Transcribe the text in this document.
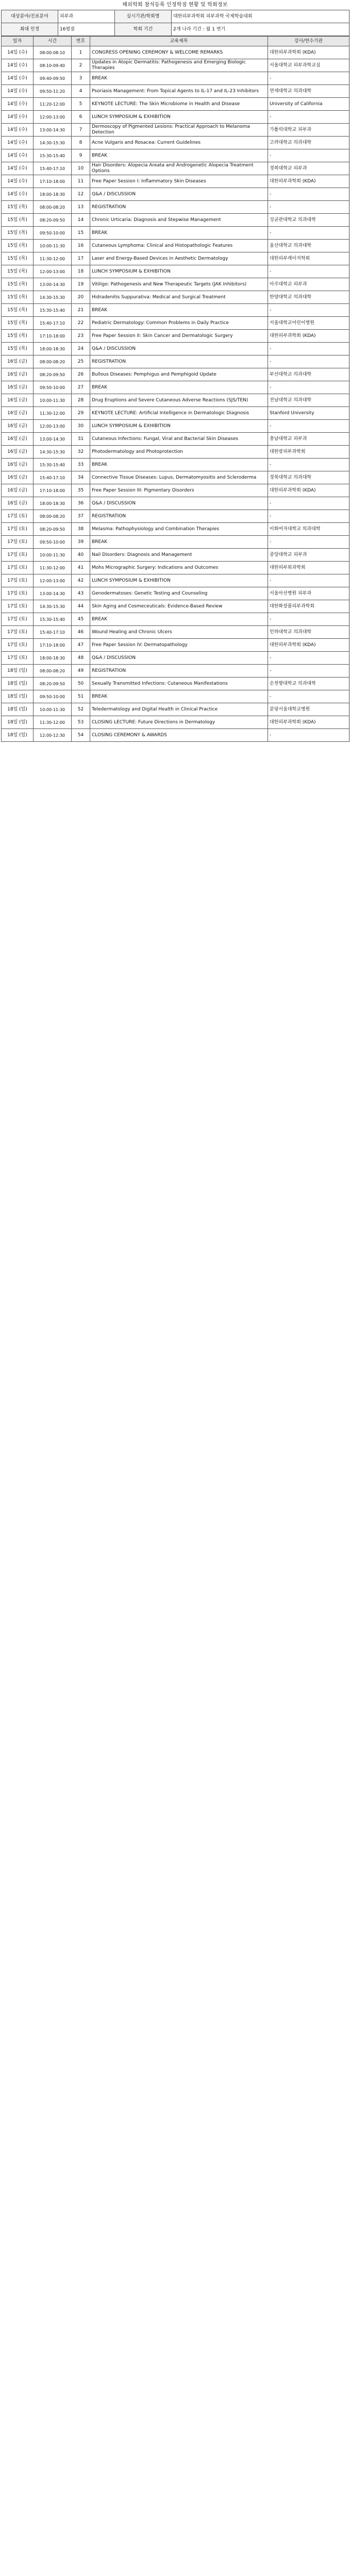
해외학회 참석등록 인정학점 현황 및 학회정보
대상분야/진료분야	피부과	실시기관/학회명	대한피부과학회 피부과학 국제학술대회
최대 인정	16평점	학회 기간	2개 나라 기간 : 월 1 연기
일자	시간	번호	교육제목	강사/연수기관
14일 (수)	08:00-08:10	1	CONGRESS OPENING CEREMONY & WELCOME REMARKS	대한피부과학회 (KDA)
14일 (수)	08:10-09:40	2	Updates in Atopic Dermatitis: Pathogenesis and Emerging Biologic Therapies	서울대학교 피부과학교실
14일 (수)	09:40-09:50	3	BREAK	-
14일 (수)	09:50-11:20	4	Psoriasis Management: From Topical Agents to IL-17 and IL-23 Inhibitors	연세대학교 의과대학
14일 (수)	11:20-12:00	5	KEYNOTE LECTURE: The Skin Microbiome in Health and Disease	University of California
14일 (수)	12:00-13:00	6	LUNCH SYMPOSIUM & EXHIBITION	-
14일 (수)	13:00-14:30	7	Dermoscopy of Pigmented Lesions: Practical Approach to Melanoma Detection	가톨릭대학교 피부과
14일 (수)	14:30-15:30	8	Acne Vulgaris and Rosacea: Current Guidelines	고려대학교 의과대학
14일 (수)	15:30-15:40	9	BREAK	-
14일 (수)	15:40-17:10	10	Hair Disorders: Alopecia Areata and Androgenetic Alopecia Treatment Options	경희대학교 피부과
14일 (수)	17:10-18:00	11	Free Paper Session I: Inflammatory Skin Diseases	대한피부과학회 (KDA)
14일 (수)	18:00-18:30	12	Q&A / DISCUSSION	-
15일 (목)	08:00-08:20	13	REGISTRATION	-
15일 (목)	08:20-09:50	14	Chronic Urticaria: Diagnosis and Stepwise Management	성균관대학교 의과대학
15일 (목)	09:50-10:00	15	BREAK	-
15일 (목)	10:00-11:30	16	Cutaneous Lymphoma: Clinical and Histopathologic Features	울산대학교 의과대학
15일 (목)	11:30-12:00	17	Laser and Energy-Based Devices in Aesthetic Dermatology	대한피부레이저학회
15일 (목)	12:00-13:00	18	LUNCH SYMPOSIUM & EXHIBITION	-
15일 (목)	13:00-14:30	19	Vitiligo: Pathogenesis and New Therapeutic Targets (JAK Inhibitors)	아주대학교 피부과
15일 (목)	14:30-15:30	20	Hidradenitis Suppurativa: Medical and Surgical Treatment	한양대학교 의과대학
15일 (목)	15:30-15:40	21	BREAK	-
15일 (목)	15:40-17:10	22	Pediatric Dermatology: Common Problems in Daily Practice	서울대학교어린이병원
15일 (목)	17:10-18:00	23	Free Paper Session II: Skin Cancer and Dermatologic Surgery	대한피부과학회 (KDA)
15일 (목)	18:00-18:30	24	Q&A / DISCUSSION	-
16일 (금)	08:00-08:20	25	REGISTRATION	-
16일 (금)	08:20-09:50	26	Bullous Diseases: Pemphigus and Pemphigoid Update	부산대학교 의과대학
16일 (금)	09:50-10:00	27	BREAK	-
16일 (금)	10:00-11:30	28	Drug Eruptions and Severe Cutaneous Adverse Reactions (SJS/TEN)	전남대학교 의과대학
16일 (금)	11:30-12:00	29	KEYNOTE LECTURE: Artificial Intelligence in Dermatologic Diagnosis	Stanford University
16일 (금)	12:00-13:00	30	LUNCH SYMPOSIUM & EXHIBITION	-
16일 (금)	13:00-14:30	31	Cutaneous Infections: Fungal, Viral and Bacterial Skin Diseases	충남대학교 피부과
16일 (금)	14:30-15:30	32	Photodermatology and Photoprotection	대한광피부과학회
16일 (금)	15:30-15:40	33	BREAK	-
16일 (금)	15:40-17:10	34	Connective Tissue Diseases: Lupus, Dermatomyositis and Scleroderma	경북대학교 의과대학
16일 (금)	17:10-18:00	35	Free Paper Session III: Pigmentary Disorders	대한피부과학회 (KDA)
16일 (금)	18:00-18:30	36	Q&A / DISCUSSION	-
17일 (토)	08:00-08:20	37	REGISTRATION	-
17일 (토)	08:20-09:50	38	Melasma: Pathophysiology and Combination Therapies	이화여자대학교 의과대학
17일 (토)	09:50-10:00	39	BREAK	-
17일 (토)	10:00-11:30	40	Nail Disorders: Diagnosis and Management	중앙대학교 피부과
17일 (토)	11:30-12:00	41	Mohs Micrographic Surgery: Indications and Outcomes	대한피부외과학회
17일 (토)	12:00-13:00	42	LUNCH SYMPOSIUM & EXHIBITION	-
17일 (토)	13:00-14:30	43	Genodermatoses: Genetic Testing and Counseling	서울아산병원 피부과
17일 (토)	14:30-15:30	44	Skin Aging and Cosmeceuticals: Evidence-Based Review	대한화장품피부과학회
17일 (토)	15:30-15:40	45	BREAK	-
17일 (토)	15:40-17:10	46	Wound Healing and Chronic Ulcers	인하대학교 의과대학
17일 (토)	17:10-18:00	47	Free Paper Session IV: Dermatopathology	대한피부과학회 (KDA)
17일 (토)	18:00-18:30	48	Q&A / DISCUSSION	-
18일 (일)	08:00-08:20	49	REGISTRATION	-
18일 (일)	08:20-09:50	50	Sexually Transmitted Infections: Cutaneous Manifestations	순천향대학교 의과대학
18일 (일)	09:50-10:00	51	BREAK	-
18일 (일)	10:00-11:30	52	Teledermatology and Digital Health in Clinical Practice	분당서울대학교병원
18일 (일)	11:30-12:00	53	CLOSING LECTURE: Future Directions in Dermatology	대한피부과학회 (KDA)
18일 (일)	12:00-12:30	54	CLOSING CEREMONY & AWARDS	-
